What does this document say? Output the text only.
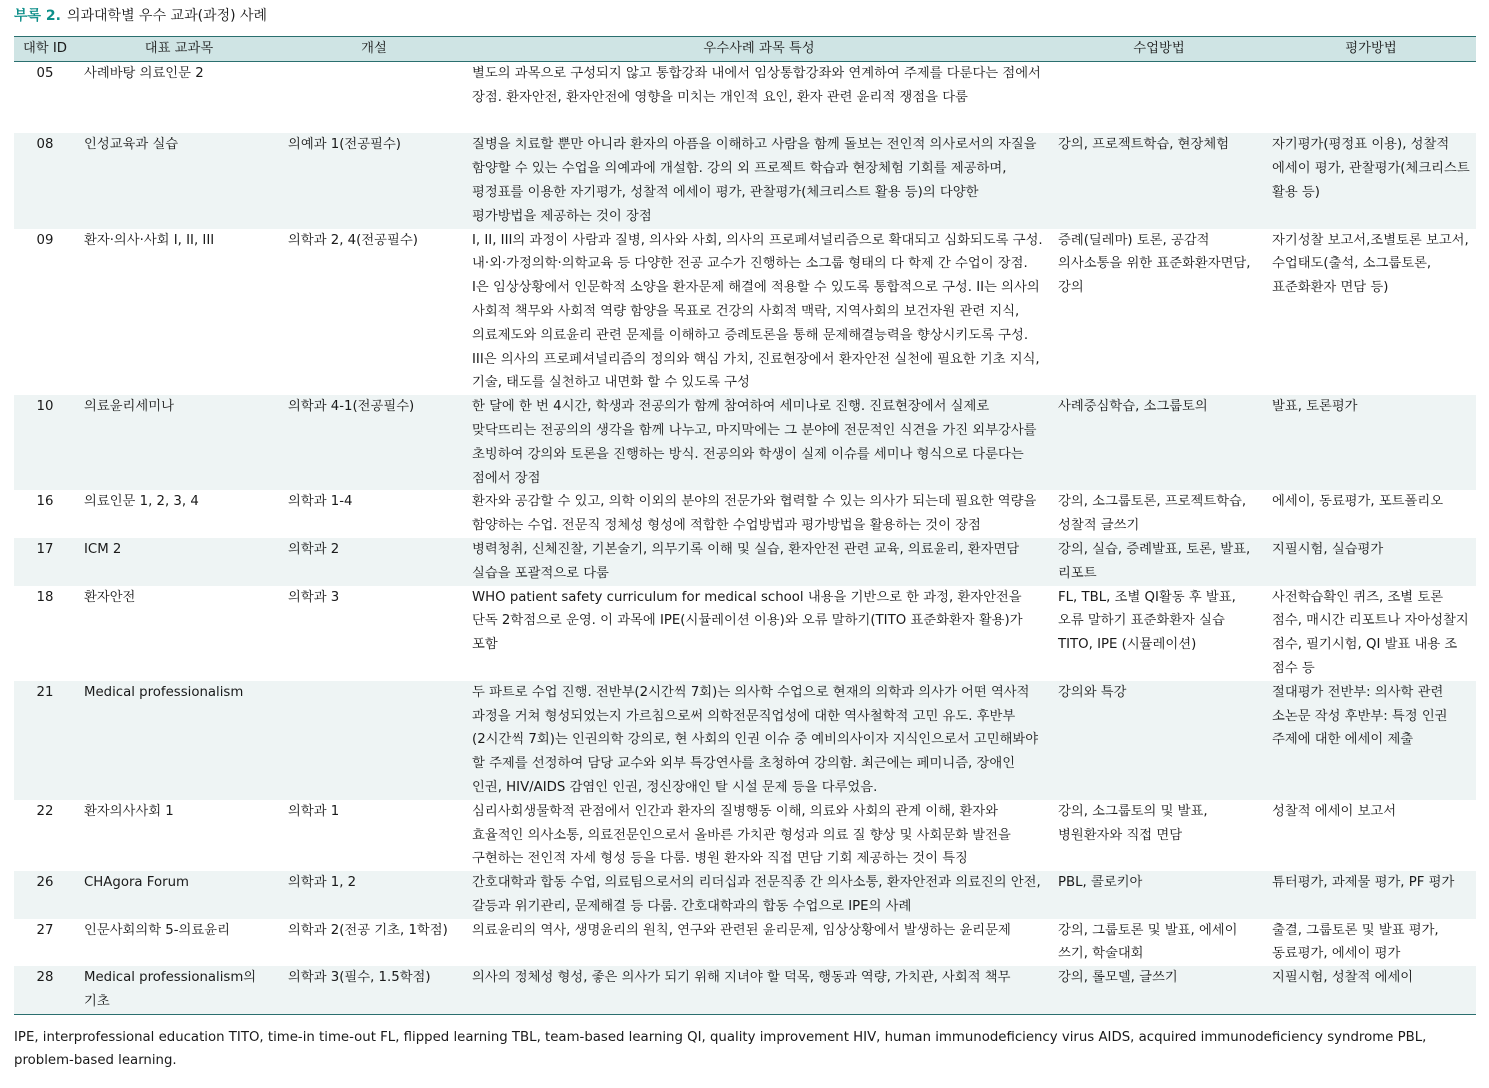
부록 2. 의과대학별 우수 교과(과정) 사례
대학 ID	대표 교과목	개설	우수사례 과목 특성	수업방법	평가방법
05	사례바탕 의료인문 2		별도의 과목으로 구성되지 않고 통합강좌 내에서 임상통합강좌와 연계하여 주제를 다룬다는 점에서 장점. 환자안전, 환자안전에 영향을 미치는 개인적 요인, 환자 관련 윤리적 쟁점을 다룸		

08	인성교육과 실습	의예과 1(전공필수)	질병을 치료할 뿐만 아니라 환자의 아픔을 이해하고 사람을 함께 돌보는 전인적 의사로서의 자질을 함양할 수 있는 수업을 의예과에 개설함. 강의 외 프로젝트 학습과 현장체험 기회를 제공하며, 평정표를 이용한 자기평가, 성찰적 에세이 평가, 관찰평가(체크리스트 활용 등)의 다양한 평가방법을 제공하는 것이 장점	강의, 프로젝트학습, 현장체험	자기평가(평정표 이용), 성찰적 에세이 평가, 관찰평가(체크리스트 활용 등)
09	환자·의사·사회 I, II, III	의학과 2, 4(전공필수)	I, II, III의 과정이 사람과 질병, 의사와 사회, 의사의 프로페셔널리즘으로 확대되고 심화되도록 구성. 내·외·가정의학·의학교육 등 다양한 전공 교수가 진행하는 소그룹 형태의 다 학제 간 수업이 장점. I은 임상상황에서 인문학적 소양을 환자문제 해결에 적용할 수 있도록 통합적으로 구성. II는 의사의 사회적 책무와 사회적 역량 함양을 목표로 건강의 사회적 맥락, 지역사회의 보건자원 관련 지식, 의료제도와 의료윤리 관련 문제를 이해하고 증례토론을 통해 문제해결능력을 향상시키도록 구성. III은 의사의 프로페셔널리즘의 정의와 핵심 가치, 진료현장에서 환자안전 실천에 필요한 기초 지식, 기술, 태도를 실천하고 내면화 할 수 있도록 구성	증례(딜레마) 토론, 공감적 의사소통을 위한 표준화환자면담, 강의	자기성찰 보고서,조별토론 보고서, 수업태도(출석, 소그룹토론, 표준화환자 면담 등)
10	의료윤리세미나	의학과 4-1(전공필수)	한 달에 한 번 4시간, 학생과 전공의가 함께 참여하여 세미나로 진행. 진료현장에서 실제로 맞닥뜨리는 전공의의 생각을 함께 나누고, 마지막에는 그 분야에 전문적인 식견을 가진 외부강사를 초빙하여 강의와 토론을 진행하는 방식. 전공의와 학생이 실제 이슈를 세미나 형식으로 다룬다는 점에서 장점	사례중심학습, 소그룹토의	발표, 토론평가
16	의료인문 1, 2, 3, 4	의학과 1-4	환자와 공감할 수 있고, 의학 이외의 분야의 전문가와 협력할 수 있는 의사가 되는데 필요한 역량을 함양하는 수업. 전문직 정체성 형성에 적합한 수업방법과 평가방법을 활용하는 것이 장점	강의, 소그룹토론, 프로젝트학습, 성찰적 글쓰기	에세이, 동료평가, 포트폴리오
17	ICM 2	의학과 2	병력청취, 신체진찰, 기본술기, 의무기록 이해 및 실습, 환자안전 관련 교육, 의료윤리, 환자면담 실습을 포괄적으로 다룸	강의, 실습, 증례발표, 토론, 발표, 리포트	지필시험, 실습평가
18	환자안전	의학과 3	WHO patient safety curriculum for medical school 내용을 기반으로 한 과정, 환자안전을 단독 2학점으로 운영. 이 과목에 IPE(시뮬레이션 이용)와 오류 말하기(TITO 표준화환자 활용)가 포함	FL, TBL, 조별 QI활동 후 발표, 오류 말하기 표준화환자 실습 TITO, IPE (시뮬레이션)	사전학습확인 퀴즈, 조별 토론 점수, 매시간 리포트나 자아성찰지 점수, 필기시험, QI 발표 내용 조 점수 등
21	Medical professionalism		두 파트로 수업 진행. 전반부(2시간씩 7회)는 의사학 수업으로 현재의 의학과 의사가 어떤 역사적 과정을 거쳐 형성되었는지 가르침으로써 의학전문직업성에 대한 역사철학적 고민 유도. 후반부(2시간씩 7회)는 인권의학 강의로, 현 사회의 인권 이슈 중 예비의사이자 지식인으로서 고민해봐야 할 주제를 선정하여 담당 교수와 외부 특강연사를 초청하여 강의함. 최근에는 페미니즘, 장애인 인권, HIV/AIDS 감염인 인권, 정신장애인 탈 시설 문제 등을 다루었음.	강의와 특강	절대평가 전반부: 의사학 관련 소논문 작성 후반부: 특정 인권 주제에 대한 에세이 제출
22	환자의사사회 1	의학과 1	심리사회생물학적 관점에서 인간과 환자의 질병행동 이해, 의료와 사회의 관계 이해, 환자와 효율적인 의사소통, 의료전문인으로서 올바른 가치관 형성과 의료 질 향상 및 사회문화 발전을 구현하는 전인적 자세 형성 등을 다룸. 병원 환자와 직접 면담 기회 제공하는 것이 특징	강의, 소그룹토의 및 발표, 병원환자와 직접 면담	성찰적 에세이 보고서
26	CHAgora Forum	의학과 1, 2	간호대학과 합동 수업, 의료팀으로서의 리더십과 전문직종 간 의사소통, 환자안전과 의료진의 안전, 갈등과 위기관리, 문제해결 등 다룸. 간호대학과의 합동 수업으로 IPE의 사례	PBL, 콜로키아	튜터평가, 과제물 평가, PF 평가
27	인문사회의학 5-의료윤리	의학과 2(전공 기초, 1학점)	의료윤리의 역사, 생명윤리의 원칙, 연구와 관련된 윤리문제, 임상상황에서 발생하는 윤리문제	강의, 그룹토론 및 발표, 에세이 쓰기, 학술대회	출결, 그룹토론 및 발표 평가, 동료평가, 에세이 평가
28	Medical professionalism의 기초	의학과 3(필수, 1.5학점)	의사의 정체성 형성, 좋은 의사가 되기 위해 지녀야 할 덕목, 행동과 역량, 가치관, 사회적 책무	강의, 롤모델, 글쓰기	지필시험, 성찰적 에세이
IPE, interprofessional education TITO, time-in time-out FL, flipped learning TBL, team-based learning QI, quality improvement HIV, human immunodeficiency virus AIDS, acquired immunodeficiency syndrome PBL, problem-based learning.
